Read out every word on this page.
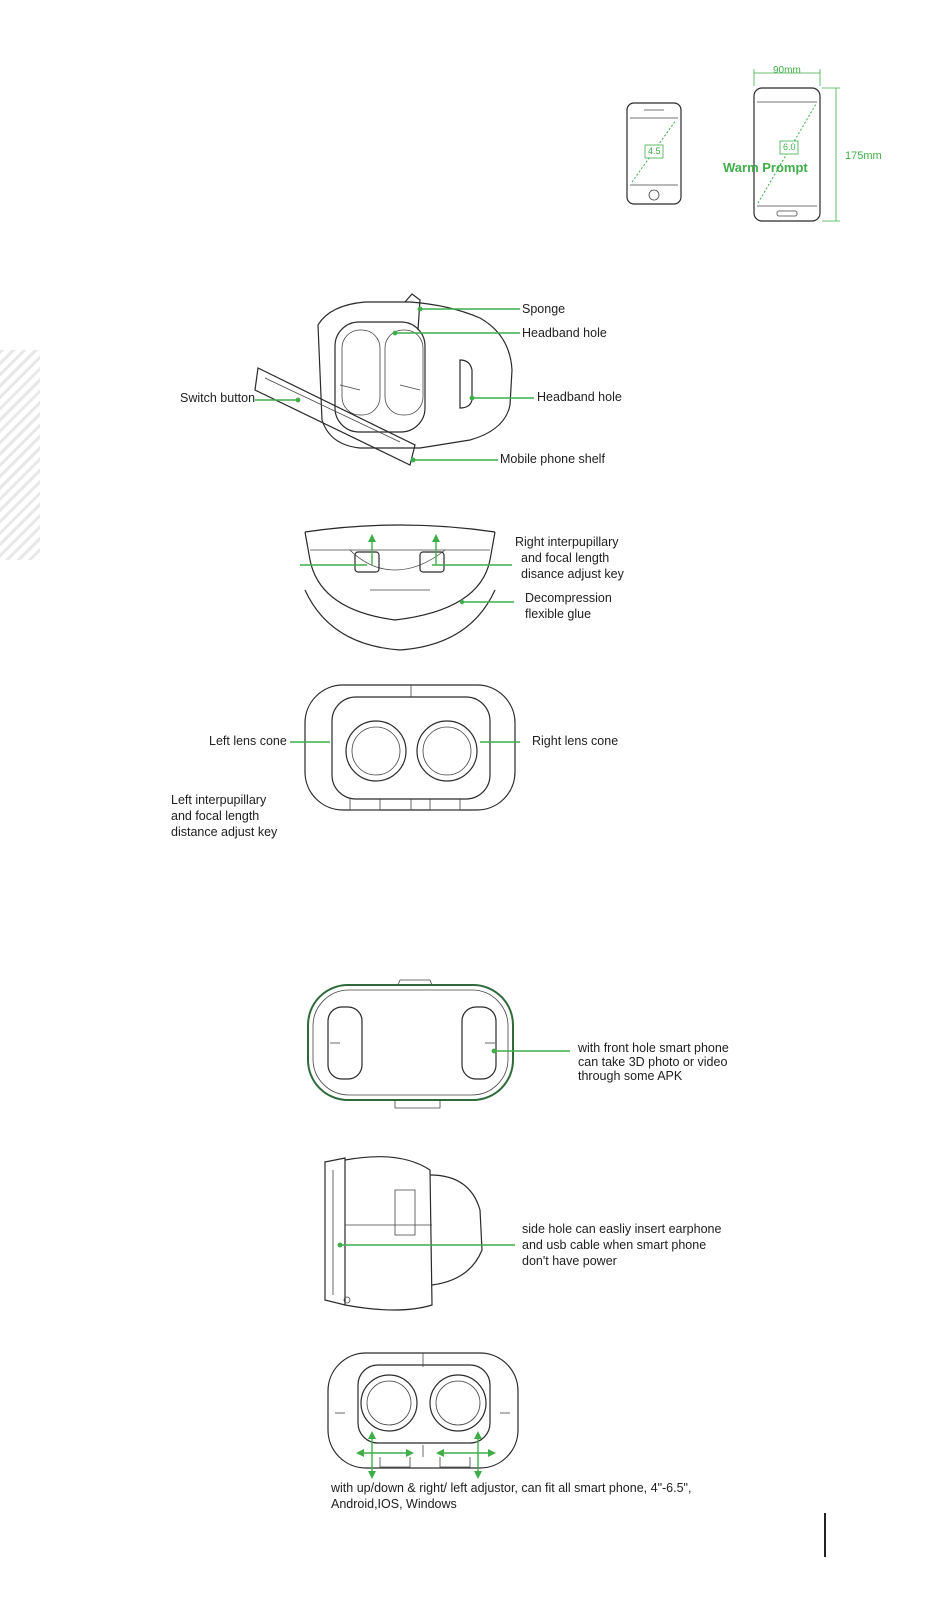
4.5	6.0
90mm
175mm
Warm Prompt
Sponge
Headband hole
Headband hole
Switch button
Mobile phone shelf
Right interpupillary
and focal length
disance adjust key
Decompression
flexible glue
Left lens cone	Right lens cone
Left interpupillary
and focal length
distance adjust key
with front hole smart phone
can take 3D photo or video
through some APK
side hole can easliy insert earphone
and usb cable when smart phone
don't have power
with up/down & right/ left adjustor, can fit all smart phone, 4"-6.5",
Android,IOS, Windows
